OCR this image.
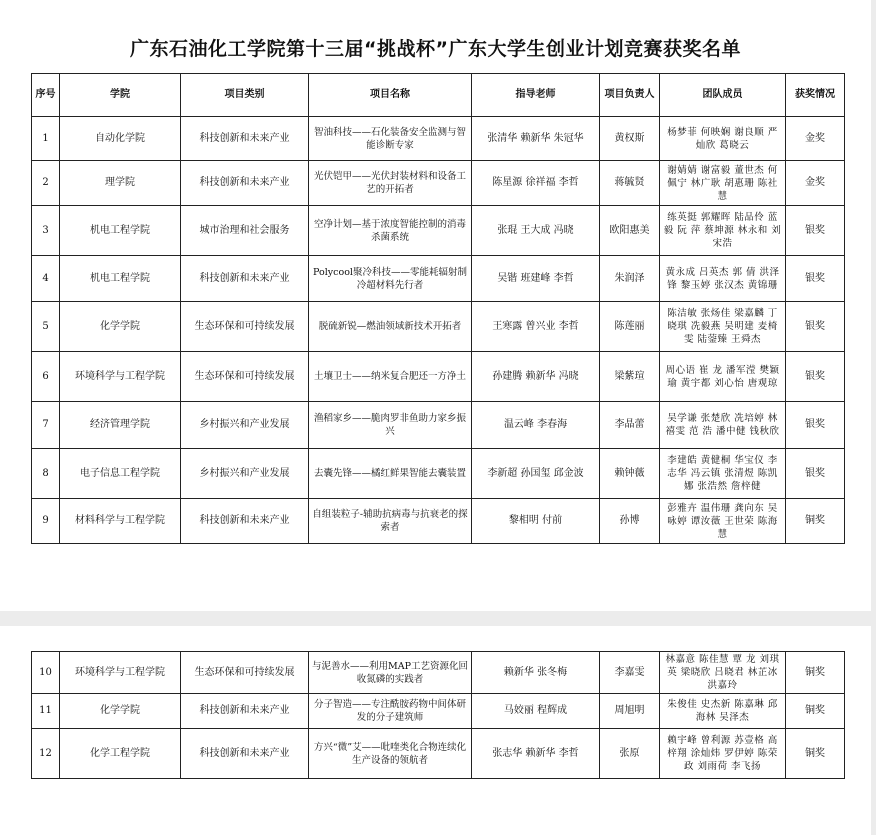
广东石油化工学院第十三届“挑战杯”广东大学生创业计划竞赛获奖名单
序号	学院	项目类别	项目名称	指导老师	项目负责人	团队成员	获奖情况
1	自动化学院	科技创新和未来产业	智油科技——石化装备安全监测与智能诊断专家	张清华 赖新华 朱冠华	黄权斯	杨梦菲 何映娴 谢良顺 严灿欣 葛晓云	金奖
2	理学院	科技创新和未来产业	光伏铠甲——光伏封装材料和设备工艺的开拓者	陈星源 徐祥福 李哲	蒋毓贤	谢婧婧 谢富毅 董世杰 何佩宁 林广耿 胡惠珊 陈社慧	金奖
3	机电工程学院	城市治理和社会服务	空净计划—基于浓度智能控制的消毒杀菌系统	张琨 王大成 冯晓	欧阳惠美	练英挺 郭耀晖 陆品伶 蓝 毅 阮 萍 蔡坤源 林永和 刘宋浩	银奖
4	机电工程学院	科技创新和未来产业	Polycool聚冷科技——零能耗辐射制冷超材料先行者	吴锴 班建峰 李哲	朱润泽	黄永成 吕英杰 郭 倩 洪泽锋 黎玉婷 张汉杰 黄锦珊	银奖
5	化学学院	生态环保和可持续发展	脱硫新锐—燃油领域新技术开拓者	王寒露 曾兴业 李哲	陈莲丽	陈洁敏 张炀佳 梁嘉麟 丁晓琪 冼毅燕 吴明建 麦椅雯 陆蓥臻 王舜杰	银奖
6	环境科学与工程学院	生态环保和可持续发展	土壤卫士——纳米复合肥还一方净土	孙建腾 赖新华 冯晓	梁紫瑄	周心语 崔 龙 潘军滢 樊颖瑜 黄宇都 刘心怡 唐观琼	银奖
7	经济管理学院	乡村振兴和产业发展	渔稻家乡——脆肉罗非鱼助力家乡振兴	温云峰 李春海	李晶蕾	吴学谦 张楚欣 冼培婷 林禧雯 范 浩 潘中健 钱秋欣	银奖
8	电子信息工程学院	乡村振兴和产业发展	去囊先锋——橘红鲜果智能去囊装置	李新超 孙国玺 邱金波	赖钟薇	李建皓 黄健桐 华宝仪 李志华 冯云镇 张清煜 陈凯娜 张浩然 詹梓健	银奖
9	材料科学与工程学院	科技创新和未来产业	自组装粒子-辅助抗病毒与抗衰老的探索者	黎相明 付前	孙博	彭雅卉 温伟珊 龚向东 吴咏婷 谭汝薇 王世荣 陈海慧	铜奖
10	环境科学与工程学院	生态环保和可持续发展	与泥善水——利用MAP工艺资源化回收氮磷的实践者	赖新华 张冬梅	李嘉雯	林嘉意 陈佳慧 覃 龙 刘琪英 梁晓欣 吕晓君 林芷冰 洪嘉玲	铜奖
11	化学学院	科技创新和未来产业	分子智造——专注酰胺药物中间体研发的分子建筑师	马姣丽 程辉成	周旭明	朱俊佳 史杰新 陈嘉琳 邱海林 吴泽杰	铜奖
12	化学工程学院	科技创新和未来产业	方兴“微”艾——吡喹类化合物连续化生产设备的领航者	张志华 赖新华 李哲	张原	赖宇峰 曾利源 苏壹格 高梓翔 涂灿炜 罗伊婷 陈荣政 刘雨荷 李飞扬	铜奖
